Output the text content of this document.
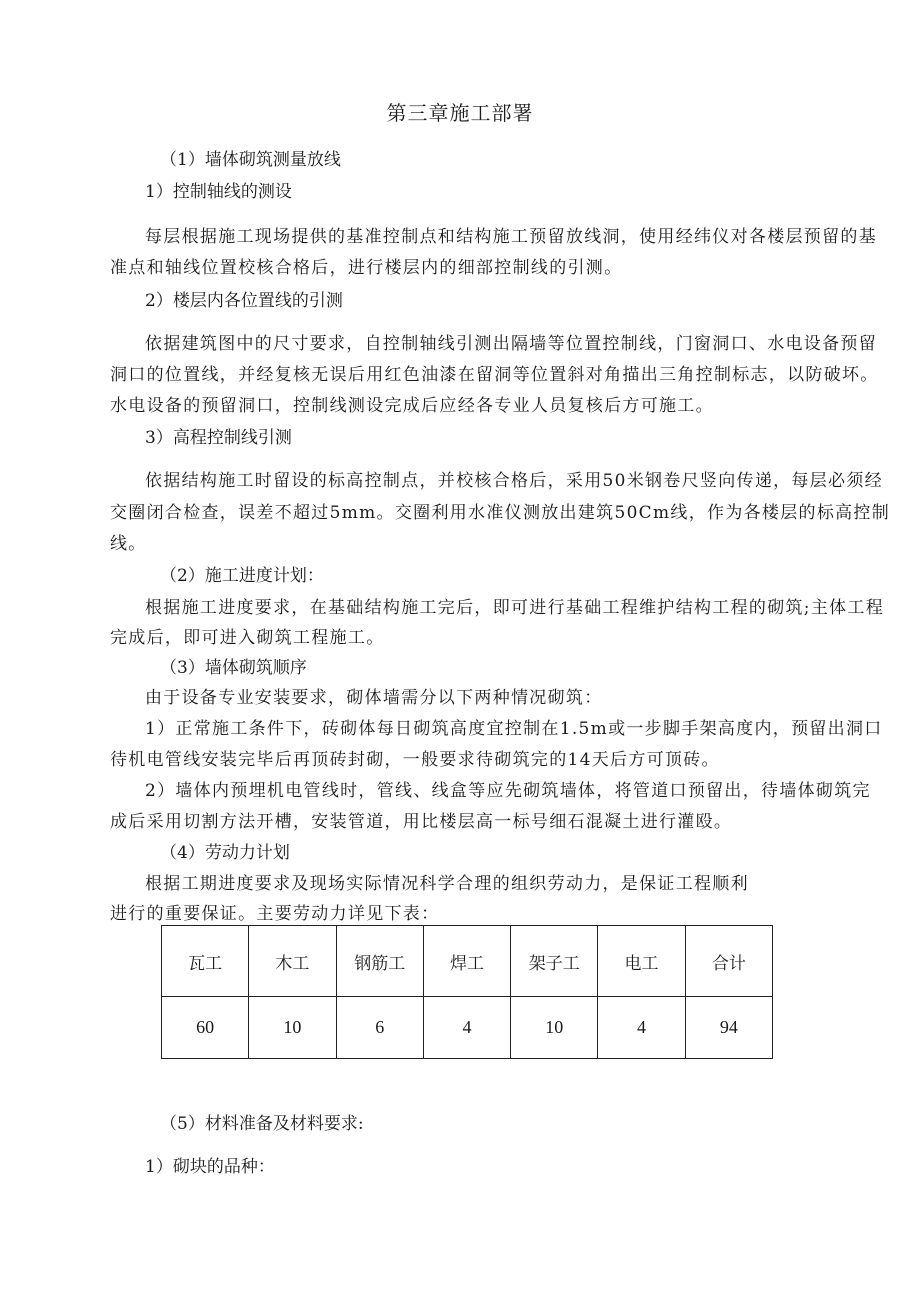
第三章施工部署
（1）墙体砌筑测量放线
1）控制轴线的测设
每层根据施工现场提供的基准控制点和结构施工预留放线洞，使用经纬仪对各楼层预留的基
准点和轴线位置校核合格后，进行楼层内的细部控制线的引测。
2）楼层内各位置线的引测
依据建筑图中的尺寸要求，自控制轴线引测出隔墙等位置控制线，门窗洞口、水电设备预留
洞口的位置线，并经复核无误后用红色油漆在留洞等位置斜对角描出三角控制标志，以防破坏。
水电设备的预留洞口，控制线测设完成后应经各专业人员复核后方可施工。
3）高程控制线引测
依据结构施工时留设的标高控制点，并校核合格后，采用50米钢卷尺竖向传递，每层必须经
交圈闭合检查，误差不超过5mm。交圈利用水准仪测放出建筑50Cm线，作为各楼层的标高控制
线。
（2）施工进度计划：
根据施工进度要求，在基础结构施工完后，即可进行基础工程维护结构工程的砌筑;主体工程
完成后，即可进入砌筑工程施工。
（3）墙体砌筑顺序
由于设备专业安装要求，砌体墙需分以下两种情况砌筑：
1）正常施工条件下，砖砌体每日砌筑高度宜控制在1.5m或一步脚手架高度内，预留出洞口
待机电管线安装完毕后再顶砖封砌，一般要求待砌筑完的14天后方可顶砖。
2）墙体内预埋机电管线时，管线、线盒等应先砌筑墙体，将管道口预留出，待墙体砌筑完
成后采用切割方法开槽，安装管道，用比楼层高一标号细石混凝土进行灌殴。
（4）劳动力计划
根据工期进度要求及现场实际情况科学合理的组织劳动力，是保证工程顺利
进行的重要保证。主要劳动力详见下表：
瓦工	木工	钢筋工	焊工	架子工	电工	合计
60	10	6	4	10	4	94
（5）材料准备及材料要求:
1）砌块的品种：
